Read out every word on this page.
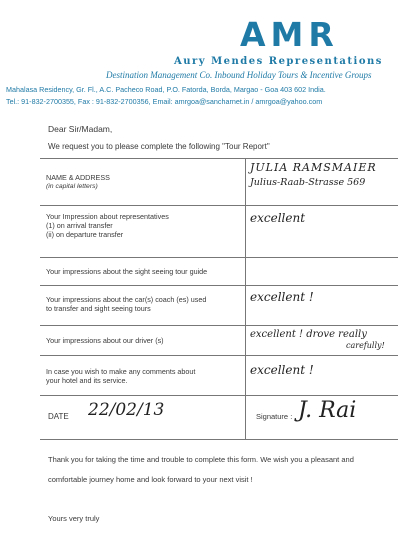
AMR
Aury Mendes Representations
Destination Management Co. Inbound Holiday Tours & Incentive Groups
Mahalasa Residency, Gr. Fl., A.C. Pacheco Road, P.O. Fatorda, Borda, Margao - Goa 403 602 India.
Tel.: 91-832-2700355, Fax : 91-832-2700356, Email: amrgoa@sancharnet.in / amrgoa@yahoo.com
Dear Sir/Madam,
We request you to please complete the following "Tour Report"
NAME & ADDRESS
(in capital letters)
JULIA RAMSMAIER
Julius-Raab-Strasse 569
Your Impression about representatives
(1) on arrival transfer
(ii) on departure transfer
excellent
Your impressions about the sight seeing tour guide
Your impressions about the car(s) coach (es) used
to transfer and sight seeing tours
excellent !
Your impressions about our driver (s)
excellent ! drove really
carefully!
In case you wish to make any comments about
your hotel and its service.
excellent !
DATE 22/02/13	Signature : J. Rai
Thank you for taking the time and trouble to complete this form. We wish you a pleasant and
comfortable journey home and look forward to your next visit !
Yours very truly
